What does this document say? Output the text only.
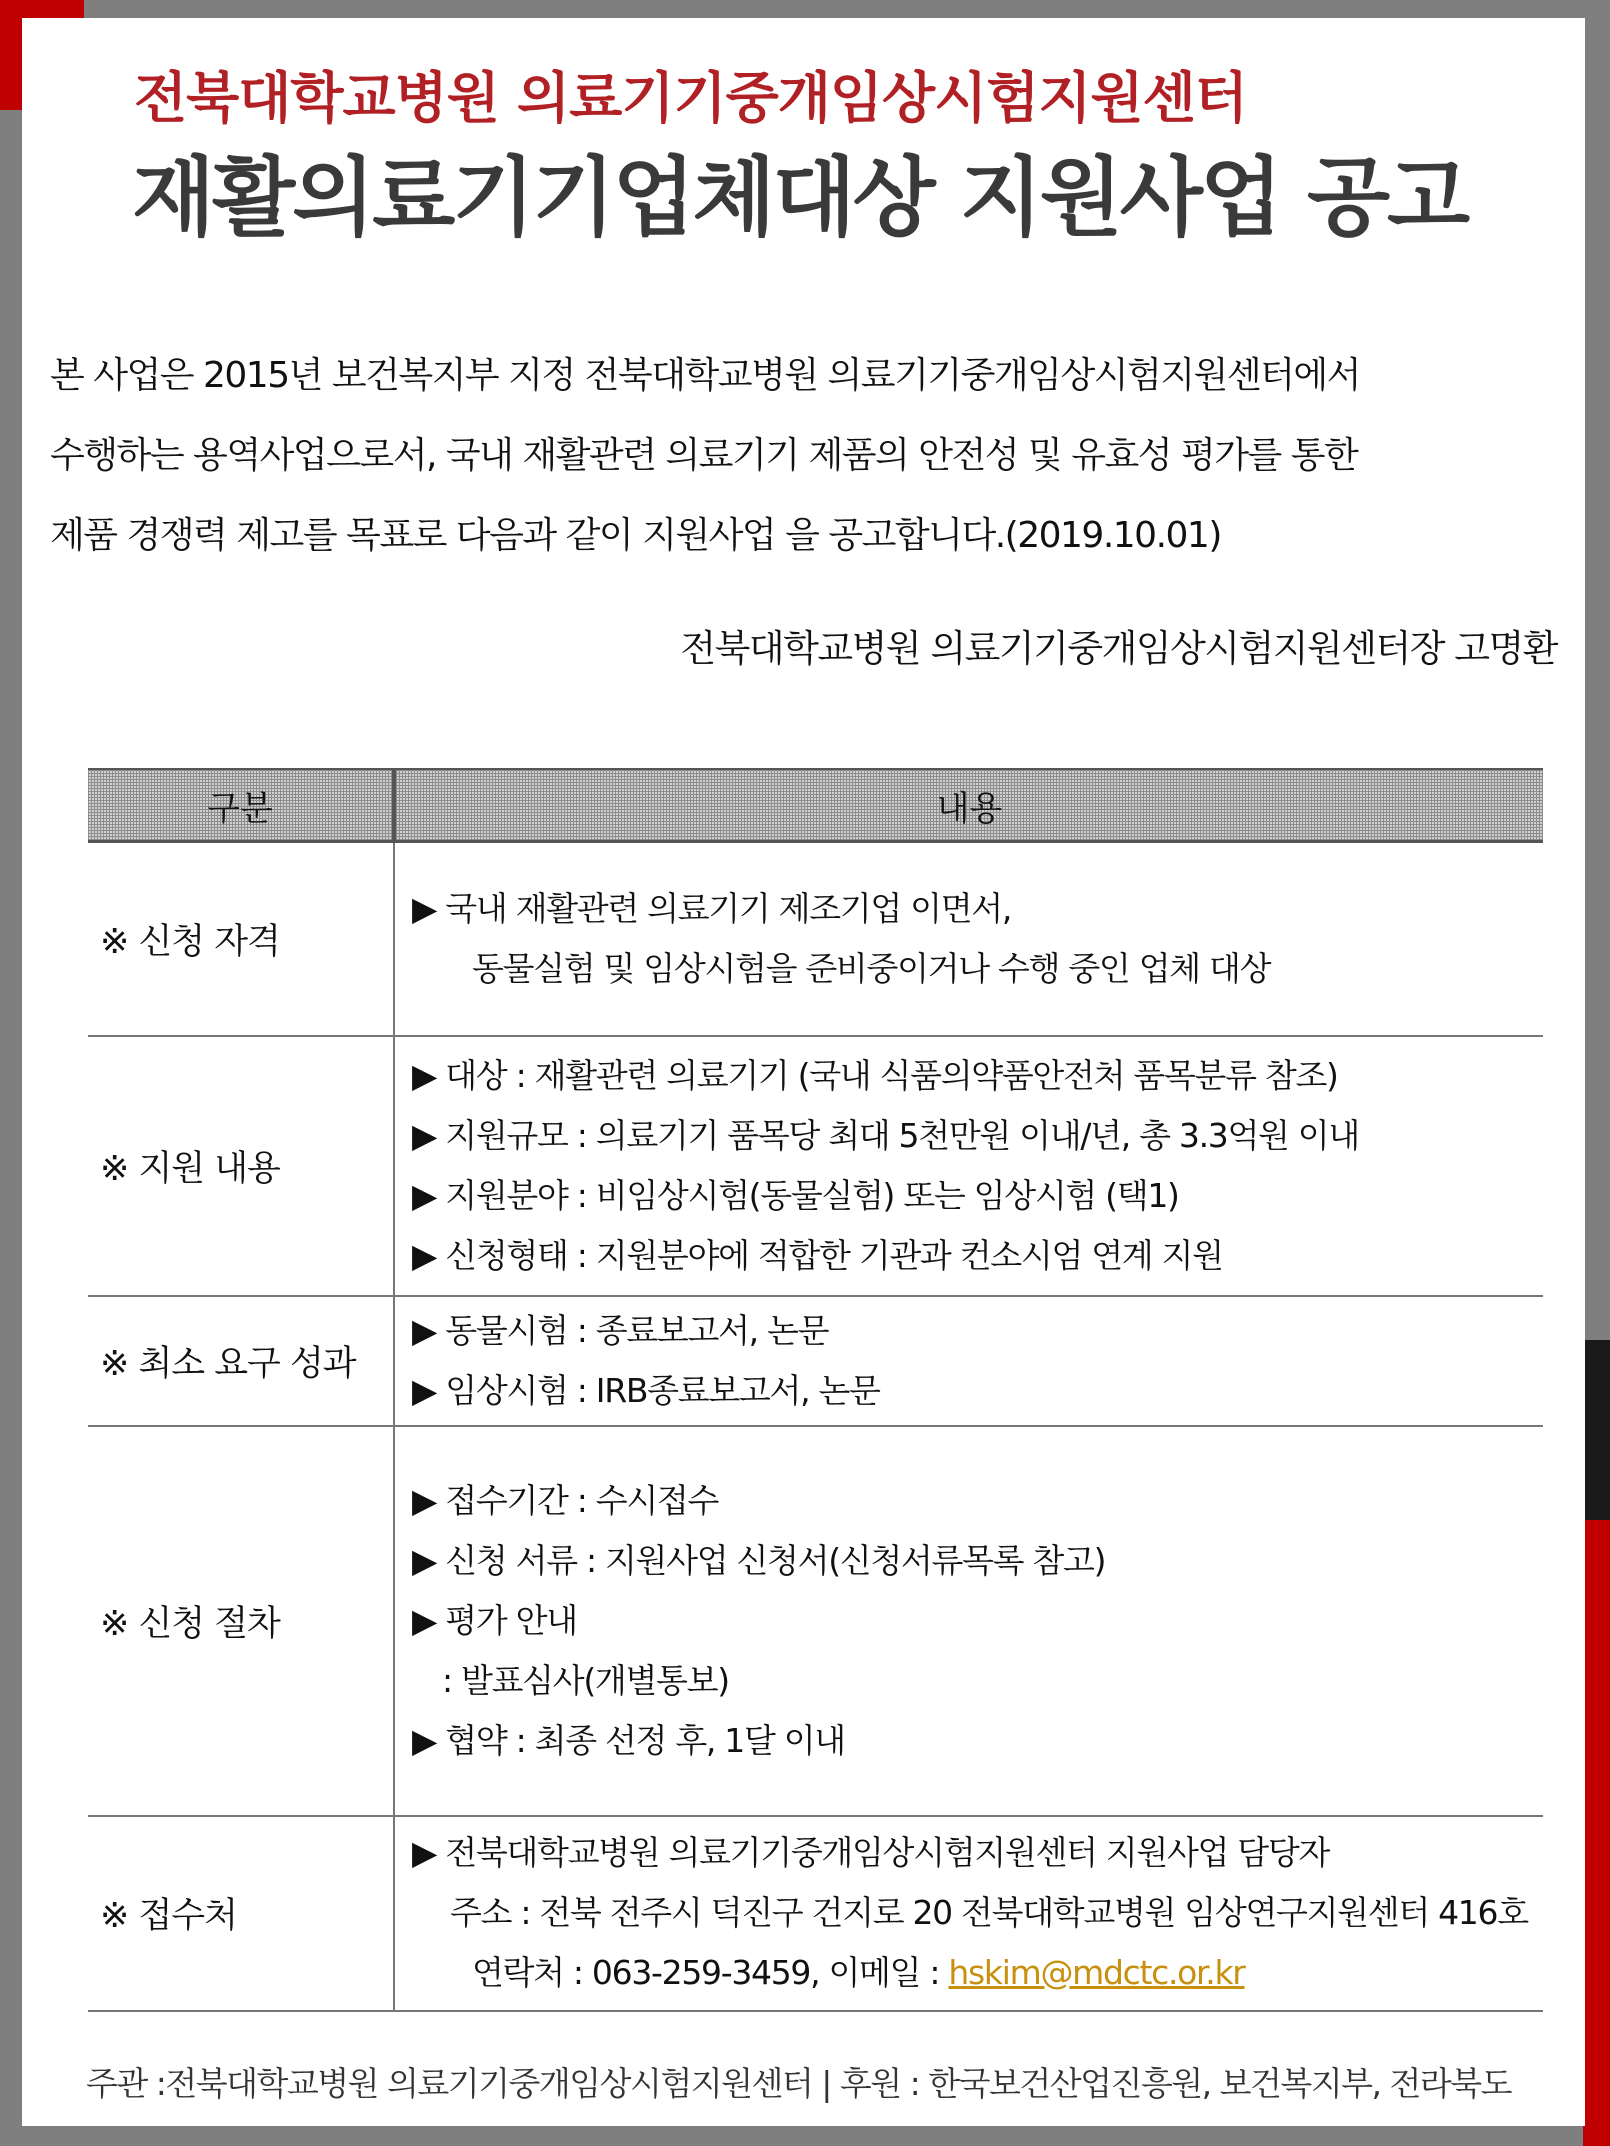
전북대학교병원 의료기기중개임상시험지원센터
재활의료기기업체대상 지원사업 공고
본 사업은 2015년 보건복지부 지정 전북대학교병원 의료기기중개임상시험지원센터에서
수행하는 용역사업으로서, 국내 재활관련 의료기기 제품의 안전성 및 유효성 평가를 통한
제품 경쟁력 제고를 목표로 다음과 같이 지원사업 을 공고합니다.(2019.10.01)
전북대학교병원 의료기기중개임상시험지원센터장 고명환
구분	내용
※ 신청 자격	▶ 국내 재활관련 의료기기 제조기업 이면서,
동물실험 및 임상시험을 준비중이거나 수행 중인 업체 대상

※ 지원 내용	▶ 대상 : 재활관련 의료기기 (국내 식품의약품안전처 품목분류 참조)
▶ 지원규모 : 의료기기 품목당 최대 5천만원 이내/년, 총 3.3억원 이내
▶ 지원분야 : 비임상시험(동물실험) 또는 임상시험 (택1)
▶ 신청형태 : 지원분야에 적합한 기관과 컨소시엄 연계 지원

※ 최소 요구 성과	▶ 동물시험 : 종료보고서, 논문
▶ 임상시험 : IRB종료보고서, 논문

※ 신청 절차	▶ 접수기간 : 수시접수
▶ 신청 서류 : 지원사업 신청서(신청서류목록 참고)
▶ 평가 안내
: 발표심사(개별통보)
▶ 협약 : 최종 선정 후, 1달 이내

※ 접수처	▶ 전북대학교병원 의료기기중개임상시험지원센터 지원사업 담당자
주소 : 전북 전주시 덕진구 건지로 20 전북대학교병원 임상연구지원센터 416호
연락처 : 063-259-3459, 이메일 : hskim@mdctc.or.kr
주관 :전북대학교병원 의료기기중개임상시험지원센터 | 후원 : 한국보건산업진흥원, 보건복지부, 전라북도
